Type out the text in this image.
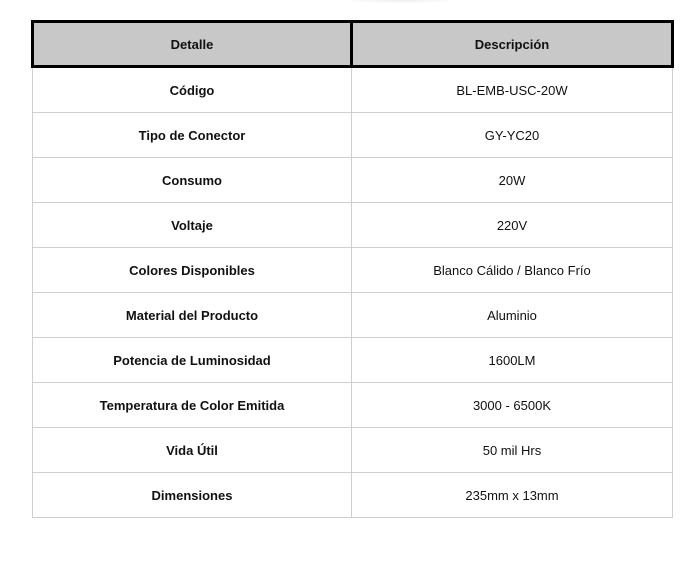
Detalle	Descripción
Código	BL-EMB-USC-20W
Tipo de Conector	GY-YC20
Consumo	20W
Voltaje	220V
Colores Disponibles	Blanco Cálido / Blanco Frío
Material del Producto	Aluminio
Potencia de Luminosidad	1600LM
Temperatura de Color Emitida	3000 - 6500K
Vida Útil	50 mil Hrs
Dimensiones	235mm x 13mm
